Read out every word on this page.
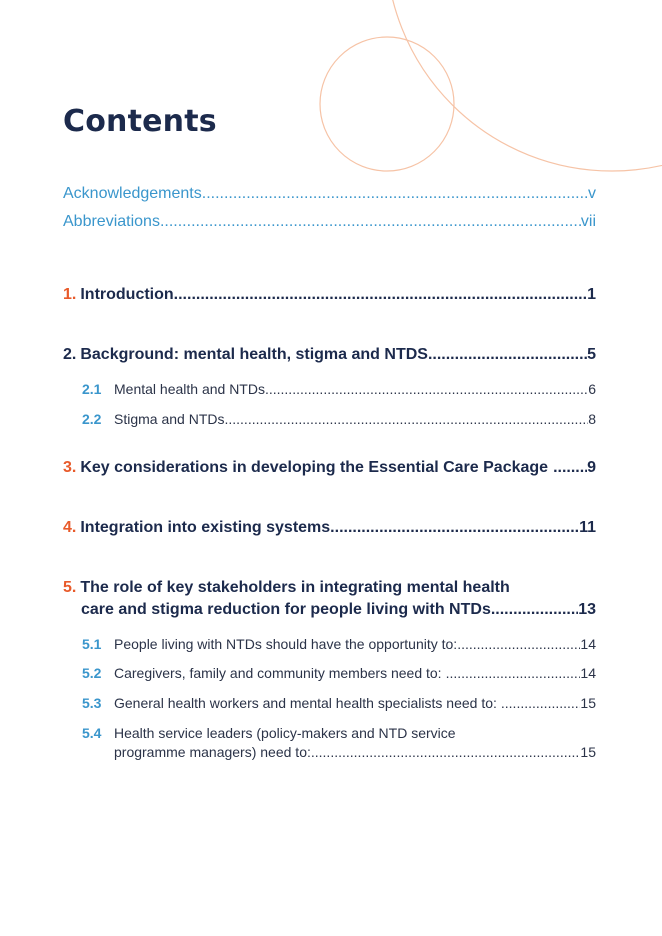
Contents
Acknowledgements .....	v
Abbreviations .....	vii
1. Introduction .....	1
2. Background: mental health, stigma and NTDS .....	5
2.1 Mental health and NTDs .....	6
2.2 Stigma and NTDs .....	8
3. Key considerations in developing the Essential Care Package ..... 9
4. Integration into existing systems .....	11
5. The role of key stakeholders in integrating mental health
care and stigma reduction for people living with NTDs .....	13
5.1 People living with NTDs should have the opportunity to: .....	14
5.2 Caregivers, family and community members need to: .....	14
5.3 General health workers and mental health specialists need to: .....	15
5.4 Health service leaders (policy-makers and NTD service
programme managers) need to: .....	15
